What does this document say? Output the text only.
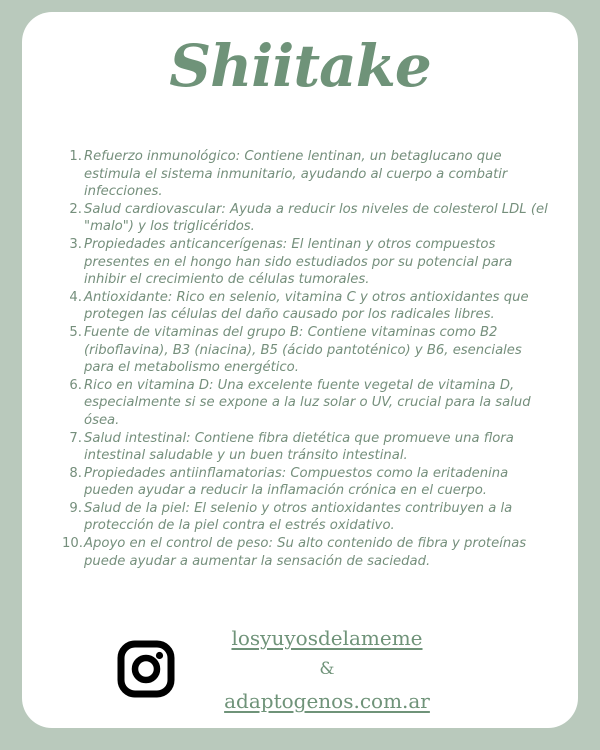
Shiitake
1. Refuerzo inmunológico: Contiene lentinan, un betaglucano que estimula el sistema inmunitario, ayudando al cuerpo a combatir infecciones.
2. Salud cardiovascular: Ayuda a reducir los niveles de colesterol LDL (el "malo") y los triglicéridos.
3. Propiedades anticancerígenas: El lentinan y otros compuestos presentes en el hongo han sido estudiados por su potencial para inhibir el crecimiento de células tumorales.
4. Antioxidante: Rico en selenio, vitamina C y otros antioxidantes que protegen las células del daño causado por los radicales libres.
5. Fuente de vitaminas del grupo B: Contiene vitaminas como B2 (riboflavina), B3 (niacina), B5 (ácido pantoténico) y B6, esenciales para el metabolismo energético.
6. Rico en vitamina D: Una excelente fuente vegetal de vitamina D, especialmente si se expone a la luz solar o UV, crucial para la salud ósea.
7. Salud intestinal: Contiene fibra dietética que promueve una flora intestinal saludable y un buen tránsito intestinal.
8. Propiedades antiinflamatorias: Compuestos como la eritadenina pueden ayudar a reducir la inflamación crónica en el cuerpo.
9. Salud de la piel: El selenio y otros antioxidantes contribuyen a la protección de la piel contra el estrés oxidativo.
10. Apoyo en el control de peso: Su alto contenido de fibra y proteínas puede ayudar a aumentar la sensación de saciedad.
losyuyosdelameme
&
adaptogenos.com.ar
